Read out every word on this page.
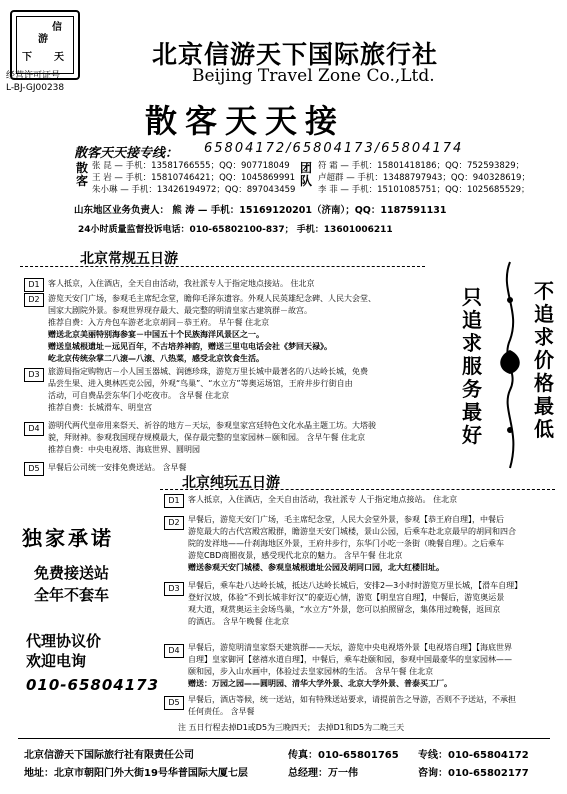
信
游
下 天
经营许可证号
L-BJ-GJ00238
北京信游天下国际旅行社
Beijing Travel Zone Co.,Ltd.
散客天天接
散客天天接专线： 65804172/65804173/65804174
散客
张 昆 — 手机：13581766555；QQ：907718049
王 岩 — 手机：15810746421；QQ：1045869991
朱小琳 — 手机：13426194972；QQ：897043459
团队
符 霜 — 手机：15801418186；QQ：752593829；
卢超群 — 手机：13488797943；QQ：940328619；
李 菲 — 手机：15101085751；QQ：1025685529；
山东地区业务负责人： 熊 涛 — 手机：15169120201（济南）；QQ：1187591131
24小时质量监督投诉电话：010-65802100-837； 手机：13601006211
北京常规五日游
D1	客人抵京，入住酒店，全天自由活动，我社派专人于指定地点接站。 住北京
D2	游览天安门广场，参观毛主席纪念堂，瞻仰毛泽东遗容。外观人民英雄纪念碑、人民大会堂、
国家大剧院外景。参观世界现存最大、最完整的明清皇家古建筑群－故宫。
推荐自费：入方舟包车游老北京胡同－恭王府。 早午餐 住北京
赠送北京美丽特别海参宴－中国五十个民族海洋风景区之一。
赠送皇城根遗址－远见百年，不古培养神韵，赠送三里屯电话会社《梦回天禄》。
屹北京传统杂掌二八滚—八滚、八热菜，感受北京饮食生活。
D3	旅游局指定购物店－小人国玉器城、润德珍珠，游览万里长城中最著名的八达岭长城，免费
品尝生果、进入奥林匹克公园，外观“鸟巢”、“水立方”等奥运场馆，王府井步行街自由
活动，可自费品尝东华门小吃夜市。 含早餐 住北京
推荐自费：长城滑车、明皇宫
D4	游明代两代皇帝用来祭天、祈谷的地方－天坛，参观皇家宫廷特色文化水晶主题工坊。大塔骏
貌，拜财神。参观我国现存规模最大，保存最完整的皇家园林－颐和园。 含早午餐 住北京
推荐自费：中央电视塔、海底世界、圆明园
D5	早餐后公司统一安排免费送站。 含早餐
只
追
求
服
务
最
好
不
追
求
价
格
最
低
北京纯玩五日游
D1	客人抵京，入住酒店，全天自由活动，我社派专 人于指定地点接站。 住北京
D2	早餐后，游览天安门广场，毛主席纪念堂，人民大会堂外景，参观【恭王府自理】，中餐后
游览最大的古代宫殿宫殿群，瞻游皇天安门城楼，景山公园，后乘车赴北京最早的胡同和四合
院的发祥地——什刹海地区外景，王府井步行，东华门小吃一条街（晚餐自理）。之后乘车
游览CBD商圈夜景，感受现代北京的魅力。 含早午餐 住北京
赠送参观天安门城楼、参观皇城根遗址公园及胡同口园，北大红楼旧址。
D3	早餐后，乘车赴八达岭长城，抵达八达岭长城后，安排2—3小时时游览万里长城，【滑车自理】
登好汉坡，体验“不到长城非好汉”的豪迈心情，游览【明皇宫自理】，中餐后，游览奥运景
观大道，观赏奥运主会场鸟巢，“水立方”外景，您可以拍照留念，集体用过晚餐，返回京
的酒店。 含早午晚餐 住北京
D4	早餐后，游览明清皇家祭天建筑群——天坛，游览中央电视塔外景【电视塔自理】【海底世界
自理】皇家御河【慈禧水道自理】，中餐后，乘车赴颐和园，参观中国最豪华的皇家园林——
颐和园，步入山水画中，体验过去皇家园林的生活。 含早午餐 住北京
赠送：万园之园——圆明园、清华大学外景、北京大学外景、普泰买工厂。
D5	早餐后，酒店等候，统一送站，如有特殊送站要求，请提前告之导游，否则不予送站，不承担
任何责任。 含早餐
注 五日行程去掉D1或D5为三晚四天； 去掉D1和D5为二晚三天
独家承诺
免费接送站
全年不套车
代理协议价
欢迎电询
010-65804173
北京信游天下国际旅行社有限责任公司
地址：北京市朝阳门外大街19号华普国际大厦七层
传真：010-65801765
总经理：万一伟
专线：010-65804172
咨询：010-65802177
